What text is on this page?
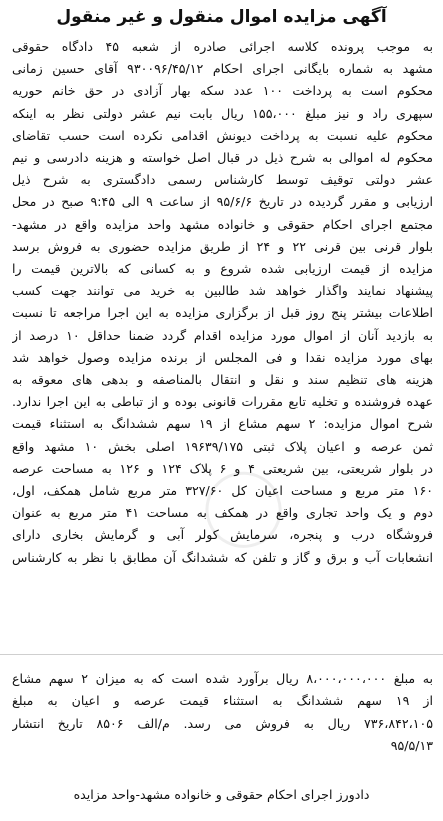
آگهی مزایده اموال منقول و غیر منقول
به موجب پرونده کلاسه اجرائی صادره از شعبه ۴۵ دادگاه حقوقی
مشهد به شماره بایگانی اجرای احکام ۹۳۰۰۹۶/۴۵/۱۲ آقای حسین زمانی
محکوم است به پرداخت ۱۰۰ عدد سکه بهار آزادی در حق خانم حوریه
سپهری راد و نیز مبلغ ۱۵۵،۰۰۰ ریال بابت نیم عشر دولتی نظر به اینکه
محکوم علیه نسبت به پرداخت دیونش اقدامی نکرده است حسب تقاضای
محکوم له اموالی به شرح ذیل در قبال اصل خواسته و هزینه دادرسی و نیم
عشر دولتی توقیف توسط کارشناس رسمی دادگستری به شرح ذیل
ارزیابی و مقرر گردیده در تاریخ ۹۵/۶/۶ از ساعت ۹ الی ۹:۴۵ صبح در محل
مجتمع اجرای احکام حقوقی و خانواده مشهد واحد مزایده واقع در مشهد-
بلوار قرنی بین قرنی ۲۲ و ۲۴ از طریق مزایده حضوری به فروش برسد
مزایده از قیمت ارزیابی شده شروع و به کسانی که بالاترین قیمت را
پیشنهاد نمایند واگذار خواهد شد طالبین به خرید می توانند جهت کسب
اطلاعات بیشتر پنج روز قبل از برگزاری مزایده به این اجرا مراجعه تا نسبت
به بازدید آنان از اموال مورد مزایده اقدام گردد ضمنا حداقل ۱۰ درصد از
بهای مورد مزایده نقدا و فی المجلس از برنده مزایده وصول خواهد شد
هزینه های تنظیم سند و نقل و انتقال بالمناصفه و بدهی های معوقه به
عهده فروشنده و تخلیه تابع مقررات قانونی بوده و از تباطی به این اجرا ندارد.
شرح اموال مزایده: ۲ سهم مشاع از ۱۹ سهم ششدانگ به استثناء قیمت
ثمن عرصه و اعیان پلاک ثبتی ۱۹۶۳۹/۱۷۵ اصلی بخش ۱۰ مشهد واقع
در بلوار شریعتی، بین شریعتی ۴ و ۶ پلاک ۱۲۴ و ۱۲۶ به مساحت عرصه
۱۶۰ متر مربع و مساحت اعیان کل ۳۲۷/۶۰ متر مربع شامل همکف، اول،
دوم و یک واحد تجاری واقع در همکف به مساحت ۴۱ متر مربع به عنوان
فروشگاه درب و پنجره، سرمایش کولر آبی و گرمایش بخاری دارای
انشعابات آب و برق و گاز و تلفن که ششدانگ آن مطابق با نظر به کارشناس
به مبلغ ۸،۰۰۰،۰۰۰،۰۰۰ ریال برآورد شده است که به میزان ۲ سهم مشاع
از ۱۹ سهم ششدانگ به استثناء قیمت عرصه و اعیان به مبلغ
۷۳۶،۸۴۲،۱۰۵ ریال به فروش می رسد. م/الف ۸۵۰۶ تاریخ انتشار
۹۵/۵/۱۳
دادورز اجرای احکام حقوقی و خانواده مشهد-واحد مزایده
